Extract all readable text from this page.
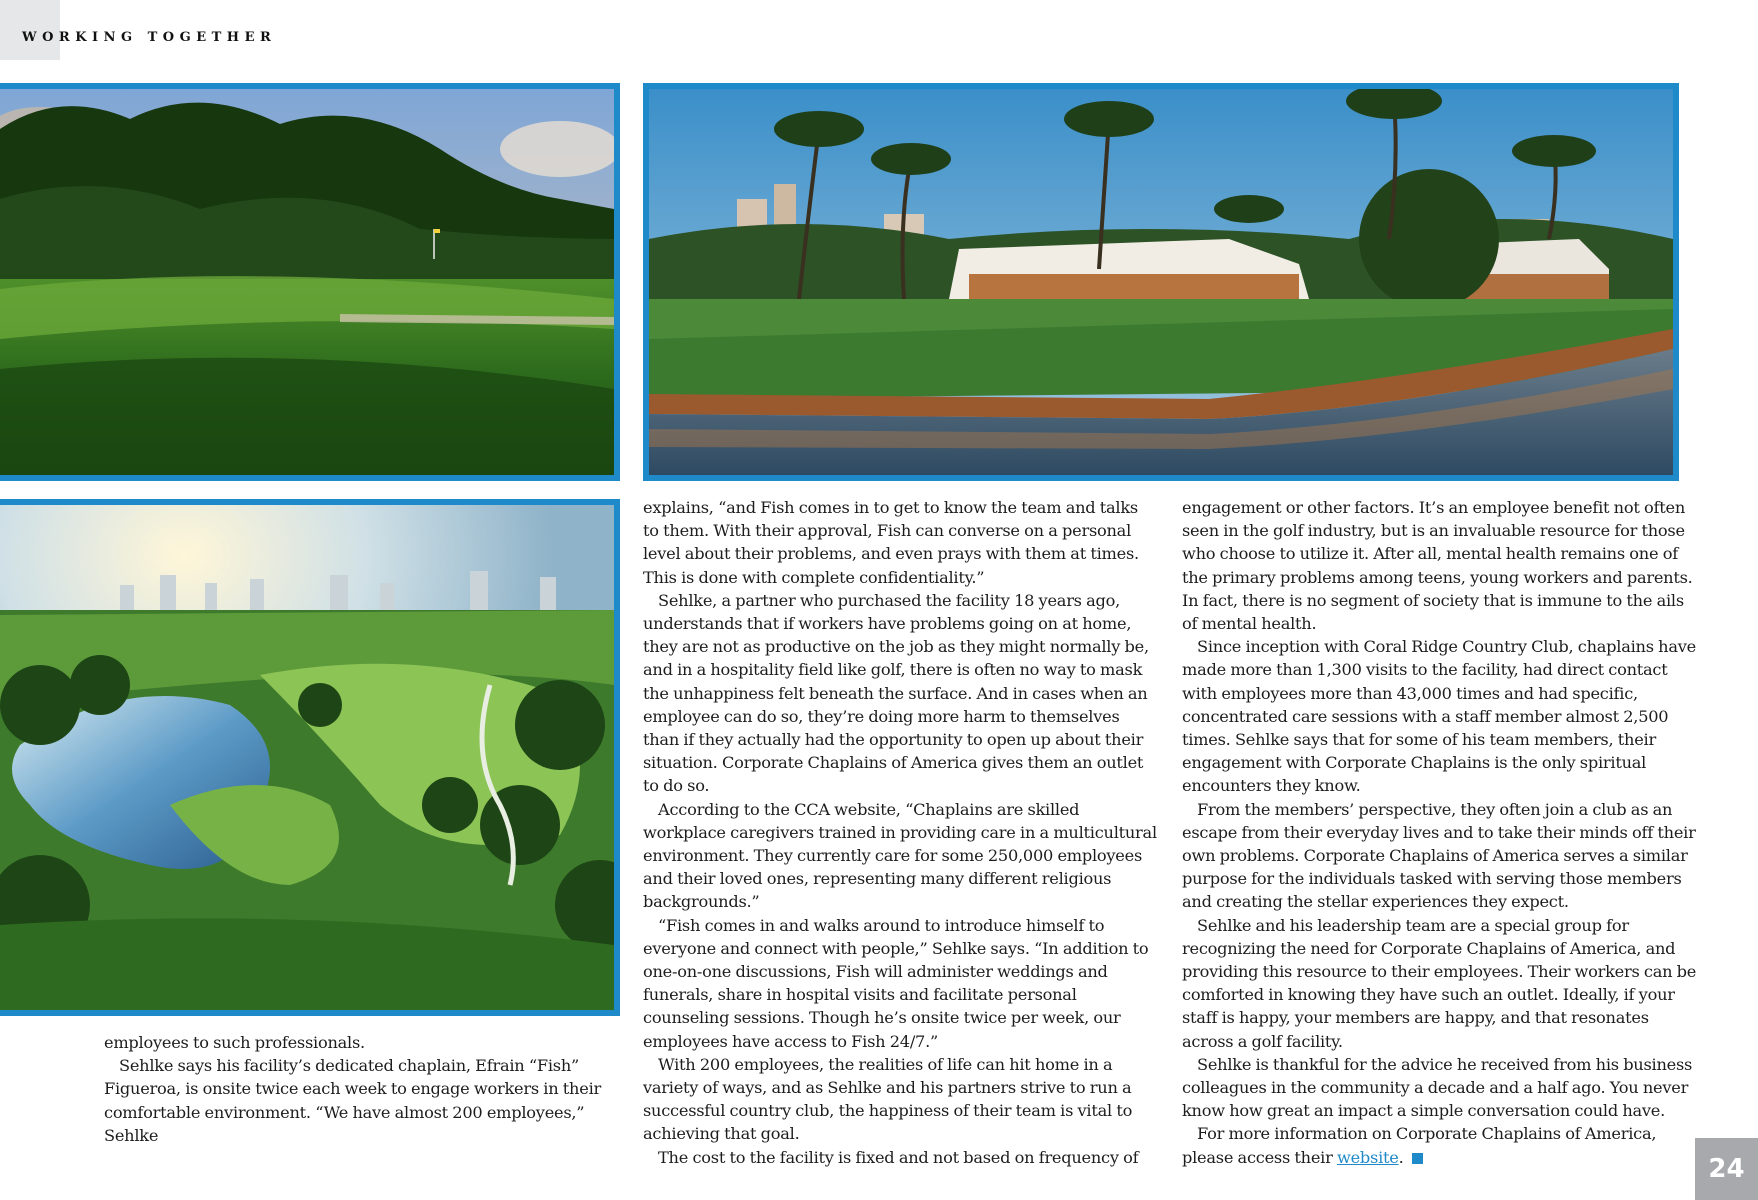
WORKING TOGETHER

employees to such professionals.

Sehlke says his facility’s dedicated chaplain, Efrain “Fish” Figueroa, is onsite twice each week to engage workers in their comfortable environment. “We have almost 200 employees,” Sehlke

explains, “and Fish comes in to get to know the team and talks to them. With their approval, Fish can converse on a personal level about their problems, and even prays with them at times. This is done with complete confidentiality.”

Sehlke, a partner who purchased the facility 18 years ago, understands that if workers have problems going on at home, they are not as productive on the job as they might normally be, and in a hospitality field like golf, there is often no way to mask the unhappiness felt beneath the surface. And in cases when an employee can do so, they’re doing more harm to themselves than if they actually had the opportunity to open up about their situation. Corporate Chaplains of America gives them an outlet to do so.

According to the CCA website, “Chaplains are skilled workplace caregivers trained in providing care in a multicultural environment. They currently care for some 250,000 employees and their loved ones, representing many different religious backgrounds.”

“Fish comes in and walks around to introduce himself to everyone and connect with people,” Sehlke says. “In addition to one-on-one discussions, Fish will administer weddings and funerals, share in hospital visits and facilitate personal counseling sessions. Though he’s onsite twice per week, our employees have access to Fish 24/7.”

With 200 employees, the realities of life can hit home in a variety of ways, and as Sehlke and his partners strive to run a successful country club, the happiness of their team is vital to achieving that goal.

The cost to the facility is fixed and not based on frequency of

engagement or other factors. It’s an employee benefit not often seen in the golf industry, but is an invaluable resource for those who choose to utilize it. After all, mental health remains one of the primary problems among teens, young workers and parents. In fact, there is no segment of society that is immune to the ails of mental health.

Since inception with Coral Ridge Country Club, chaplains have made more than 1,300 visits to the facility, had direct contact with employees more than 43,000 times and had specific, concentrated care sessions with a staff member almost 2,500 times. Sehlke says that for some of his team members, their engagement with Corporate Chaplains is the only spiritual encounters they know.

From the members’ perspective, they often join a club as an escape from their everyday lives and to take their minds off their own problems. Corporate Chaplains of America serves a similar purpose for the individuals tasked with serving those members and creating the stellar experiences they expect.

Sehlke and his leadership team are a special group for recognizing the need for Corporate Chaplains of America, and providing this resource to their employees. Their workers can be comforted in knowing they have such an outlet. Ideally, if your staff is happy, your members are happy, and that resonates across a golf facility.

Sehlke is thankful for the advice he received from his business colleagues in the community a decade and a half ago. You never know how great an impact a simple conversation could have.

For more information on Corporate Chaplains of America, please access their website.	24
